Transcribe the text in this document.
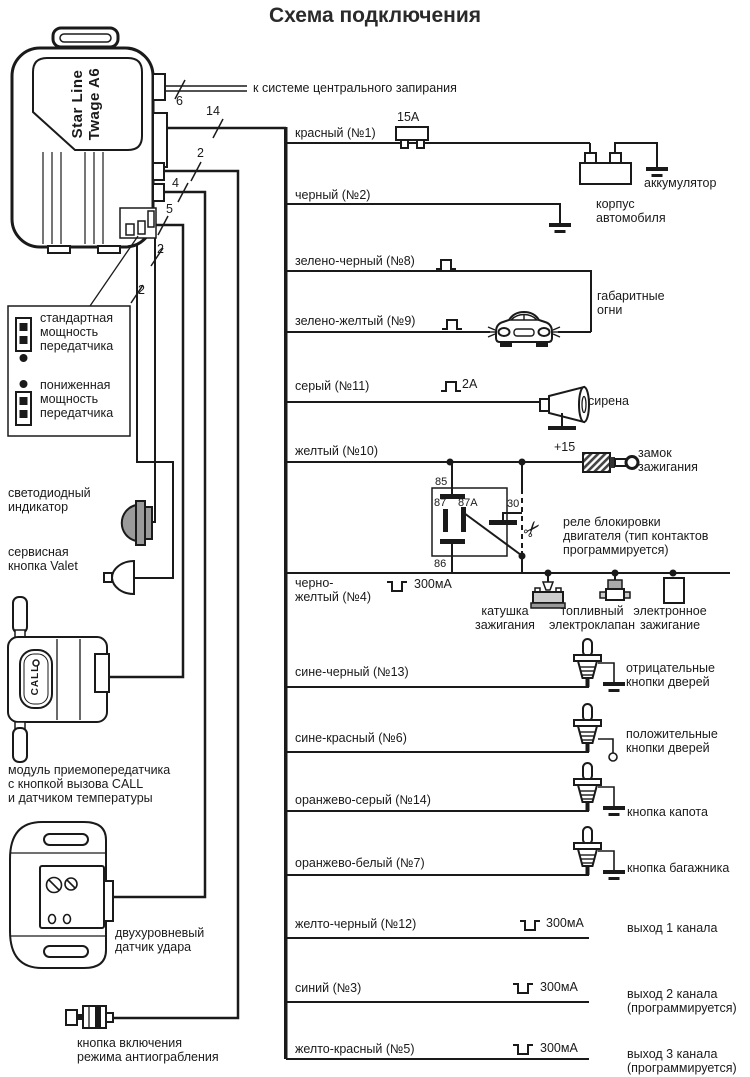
Схема подключения
Star Line Twage A6	к системе центрального запирания
6
14
2
4
5
2
2
стандартная
мощность
передатчика
пониженная
мощность
передатчика
светодиодный
индикатор
сервисная
кнопка Valet
CALL
модуль приемопередатчика
с кнопкой вызова CALL
и датчиком температуры
двухуровневый
датчик удара
кнопка включения
режима антиограбления
красный (№1)
черный (№2)
зелено-черный (№8)
зелено-желтый (№9)
серый (№11)
желтый (№10)
черно-
желтый (№4)
сине-черный (№13)
сине-красный (№6)
оранжево-серый (№14)
оранжево-белый (№7)
желто-черный (№12)
синий (№3)
желто-красный (№5)
15А
2А
+15
300мА
300мА
300мА
300мА
аккумулятор
корпус
автомобиля
габаритные
огни
сирена
замок
зажигания
85
87 87А	30
86
реле блокировки
двигателя (тип контактов
программируется)
✂
катушка
зажигания
топливный
электроклапан
электронное
зажигание
отрицательные
кнопки дверей
положительные
кнопки дверей
кнопка капота
кнопка багажника
выход 1 канала
выход 2 канала
(программируется)
выход 3 канала
(программируется)
